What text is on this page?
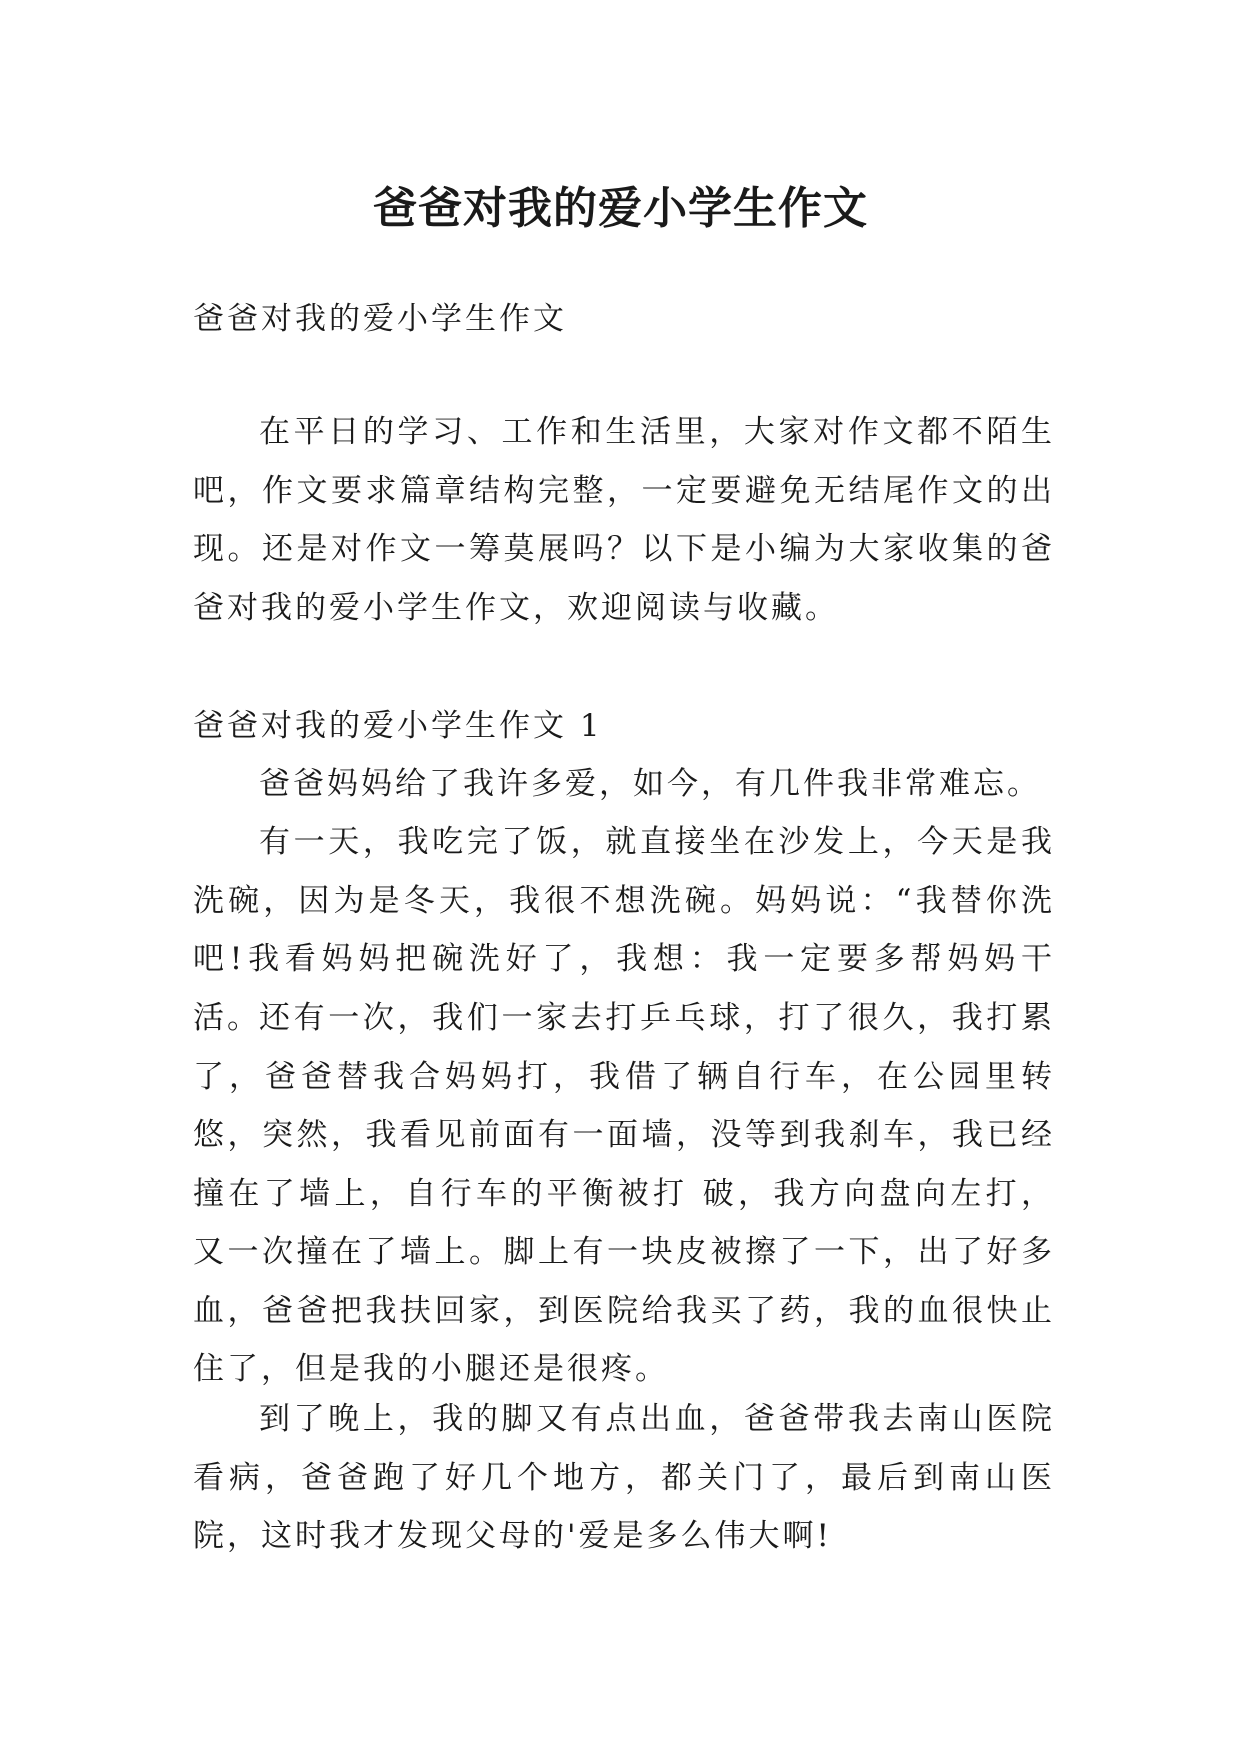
爸爸对我的爱小学生作文

爸爸对我的爱小学生作文

在平日的学习、工作和生活里，大家对作文都不陌生吧，作文要求篇章结构完整，一定要避免无结尾作文的出现。还是对作文一筹莫展吗？以下是小编为大家收集的爸爸对我的爱小学生作文，欢迎阅读与收藏。

爸爸对我的爱小学生作文 1

爸爸妈妈给了我许多爱，如今，有几件我非常难忘。

有一天，我吃完了饭，就直接坐在沙发上，今天是我洗碗，因为是冬天，我很不想洗碗。妈妈说：“我替你洗吧!我看妈妈把碗洗好了，我想：我一定要多帮妈妈干活。

还有一次，我们一家去打乒乓球，打了很久，我打累了，爸爸替我合妈妈打，我借了辆自行车，在公园里转悠，突然，我看见前面有一面墙，没等到我刹车，我已经撞在了墙上，自行车的平衡被打 破，我方向盘向左打，又一次撞在了墙上。脚上有一块皮被擦了一下，出了好多血，爸爸把我扶回家，到医院给我买了药，我的血很快止住了，但是我的小腿还是很疼。

到了晚上，我的脚又有点出血，爸爸带我去南山医院看病，爸爸跑了好几个地方，都关门了，最后到南山医院，这时我才发现父母的'爱是多么伟大啊!
